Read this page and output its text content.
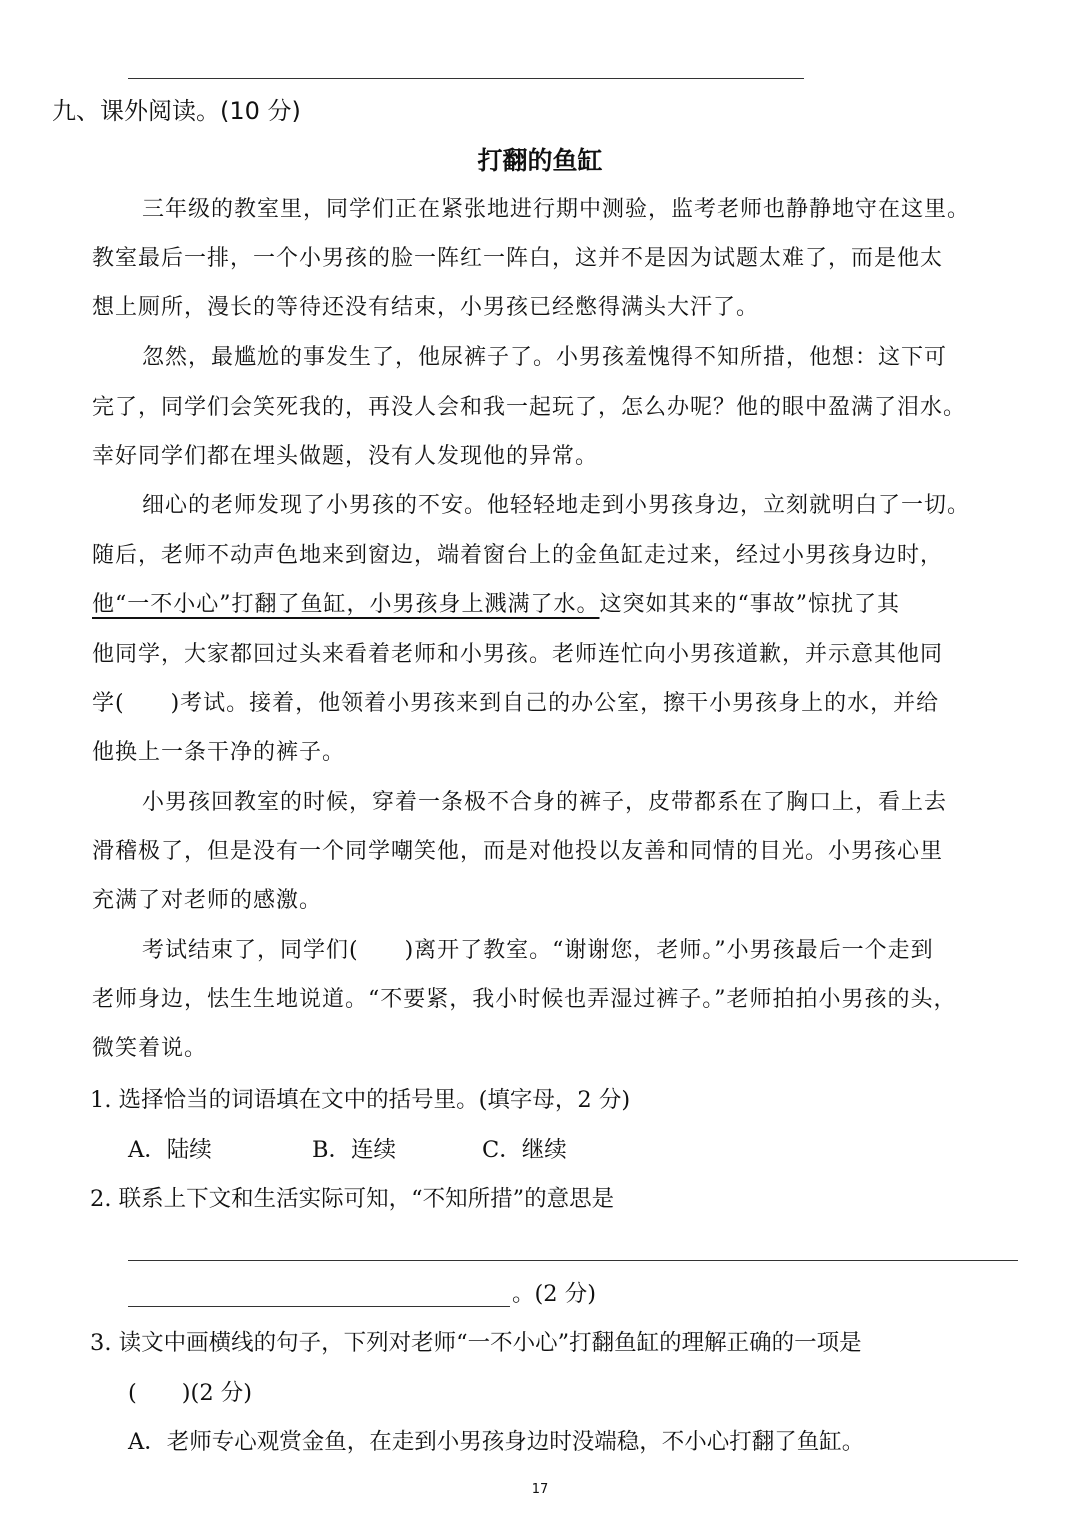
九、课外阅读。(10 分)
打翻的鱼缸
三年级的教室里，同学们正在紧张地进行期中测验，监考老师也静静地守在这里。
教室最后一排，一个小男孩的脸一阵红一阵白，这并不是因为试题太难了，而是他太
想上厕所，漫长的等待还没有结束，小男孩已经憋得满头大汗了。
忽然，最尴尬的事发生了，他尿裤子了。小男孩羞愧得不知所措，他想：这下可
完了，同学们会笑死我的，再没人会和我一起玩了，怎么办呢？他的眼中盈满了泪水。
幸好同学们都在埋头做题，没有人发现他的异常。
细心的老师发现了小男孩的不安。他轻轻地走到小男孩身边，立刻就明白了一切。
随后，老师不动声色地来到窗边，端着窗台上的金鱼缸走过来，经过小男孩身边时，
他“一不小心”打翻了鱼缸，小男孩身上溅满了水。这突如其来的“事故”惊扰了其
他同学，大家都回过头来看着老师和小男孩。老师连忙向小男孩道歉，并示意其他同
学(　　)考试。接着，他领着小男孩来到自己的办公室，擦干小男孩身上的水，并给
他换上一条干净的裤子。
小男孩回教室的时候，穿着一条极不合身的裤子，皮带都系在了胸口上，看上去
滑稽极了，但是没有一个同学嘲笑他，而是对他投以友善和同情的目光。小男孩心里
充满了对老师的感激。
考试结束了，同学们(　　)离开了教室。“谢谢您，老师。”小男孩最后一个走到
老师身边，怯生生地说道。“不要紧，我小时候也弄湿过裤子。”老师拍拍小男孩的头，
微笑着说。
1. 选择恰当的词语填在文中的括号里。(填字母，2 分)
A．陆续	B．连续	C．继续
2. 联系上下文和生活实际可知，“不知所措”的意思是
。(2 分)
3. 读文中画横线的句子，下列对老师“一不小心”打翻鱼缸的理解正确的一项是
(　　)(2 分)
A．老师专心观赏金鱼，在走到小男孩身边时没端稳，不小心打翻了鱼缸。
17
